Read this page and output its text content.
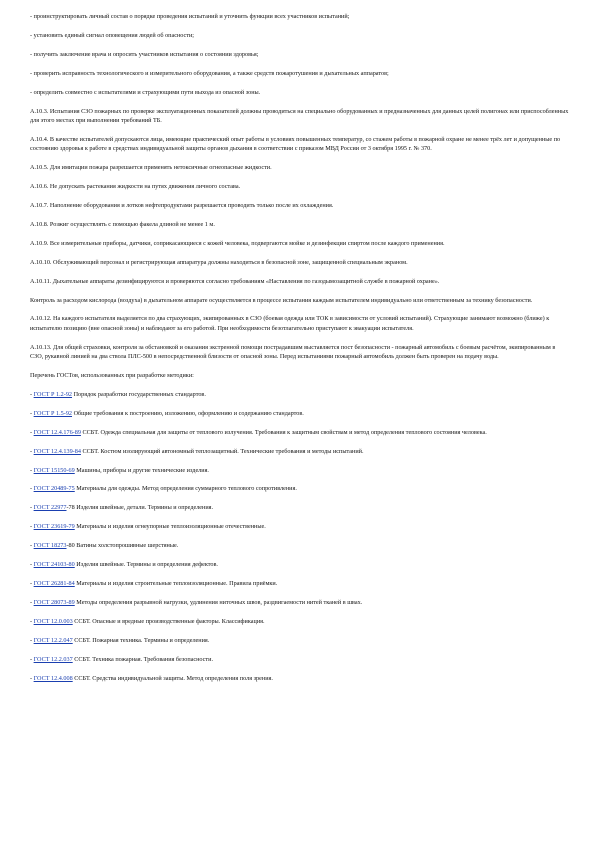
- проинструктировать личный состав о порядке проведения испытаний и уточнить функции всех участников испытаний;

- установить единый сигнал оповещения людей об опасности;

- получить заключение врача и опросить участников испытания о состоянии здоровья;

- проверить исправность технологического и измерительного оборудования, а также средств пожаротушения и дыхательных аппаратов;

- определить совместно с испытателями и страхующими пути выхода из опасной зоны.

А.10.3. Испытания СЗО пожарных по проверке эксплуатационных показателей должны проводиться на специально оборудованных и предназначенных для данных целей полигонах или приспособленных для этого местах при выполнении требований ТБ.

А.10.4. В качестве испытателей допускаются лица, имеющие практический опыт работы в условиях повышенных температур, со стажем работы в пожарной охране не менее трёх лет и допущенные по состоянию здоровья к работе в средствах индивидуальной защиты органов дыхания в соответствии с приказом МВД России от 3 октября 1995 г. № 370.

А.10.5. Для имитации пожара разрешается применять нетоксичные огнеопасные жидкости.

А.10.6. Не допускать растекания жидкости на путях движения личного состава.

А.10.7. Наполнение оборудования и лотков нефтепродуктами разрешается проводить только после их охлаждения.

А.10.8. Розжиг осуществлять с помощью факела длиной не менее 1 м.

А.10.9. Все измерительные приборы, датчики, соприкасающиеся с кожей человека, подвергаются мойке и дезинфекции спиртом после каждого применения.

А.10.10. Обслуживающий персонал и регистрирующая аппаратура должны находиться в безопасной зоне, защищенной специальным экраном.

А.10.11. Дыхательные аппараты дезинфицируются и проверяются согласно требованиям «Наставления по газодымозащитной службе в пожарной охране».

Контроль за расходом кислорода (воздуха) в дыхательном аппарате осуществляется в процессе испытания каждым испытателем индивидуально или ответственным за технику безопасности.

А.10.12. На каждого испытателя выделяется по два страхующих, экипированных в СЗО (боевая одежда или ТОК в зависимости от условий испытаний). Страхующие занимают возможно (ближе) к испытателю позицию (вне опасной зоны) и наблюдают за его работой. При необходимости безотлагательно приступают к эвакуации испытателя.

А.10.13. Для общей страховки, контроля за обстановкой и оказания экстренной помощи пострадавшим выставляется пост безопасности - пожарный автомобиль с боевым расчётом, экипированным в СЗО, рукавной линией на два ствола ПЛС-500 в непосредственной близости от опасной зоны. Перед испытаниями пожарный автомобиль должен быть проверен на подачу воды.

Перечень ГОСТов, использованных при разработке методики:

- ГОСТ Р 1.2-92 Порядок разработки государственных стандартов.

- ГОСТ Р 1.5-92 Общие требования к построению, изложению, оформлению и содержанию стандартов.

- ГОСТ 12.4.176-89 ССБТ. Одежда специальная для защиты от теплового излучения. Требования к защитным свойствам и метод определения теплового состояния человека.

- ГОСТ 12.4.139-84 ССБТ. Костюм изолирующий автономный теплозащитный. Технические требования и методы испытаний.

- ГОСТ 15150-69 Машины, приборы и другие технические изделия.

- ГОСТ 20489-75 Материалы для одежды. Метод определения суммарного теплового сопротивления.

- ГОСТ 22977-78 Изделия швейные, детали. Термины и определения.

- ГОСТ 23619-79 Материалы и изделия огнеупорные теплоизоляционные отечественные.

- ГОСТ 18273-80 Ватины холстопрошивные шерстяные.

- ГОСТ 24103-80 Изделия швейные. Термины и определения дефектов.

- ГОСТ 26281-84 Материалы и изделия строительные теплоизоляционные. Правила приёмки.

- ГОСТ 28073-89 Методы определения разрывной нагрузки, удлинения ниточных швов, раздвигаемости нитей тканей в швах.

- ГОСТ 12.0.003 ССБТ. Опасные и вредные производственные факторы. Классификация.

- ГОСТ 12.2.047 ССБТ. Пожарная техника. Термины и определения.

- ГОСТ 12.2.037 ССБТ. Техника пожарная. Требования безопасности.

- ГОСТ 12.4.008 ССБТ. Средства индивидуальной защиты. Метод определения поля зрения.
